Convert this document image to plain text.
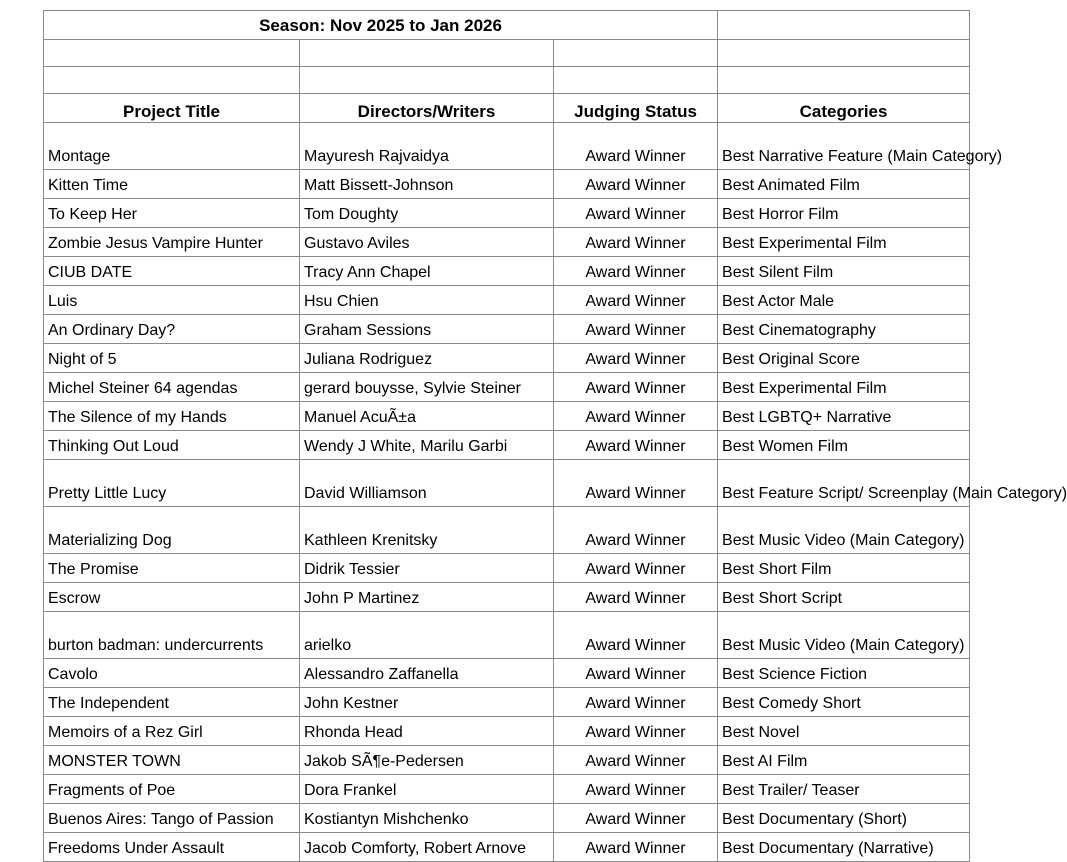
Season: Nov 2025 to Jan 2026			

Project Title	Directors/Writers	Judging Status	Categories
Montage	Mayuresh Rajvaidya	Award Winner	Best Narrative Feature (Main Category)
Kitten Time	Matt Bissett-Johnson	Award Winner	Best Animated Film
To Keep Her	Tom Doughty	Award Winner	Best Horror Film
Zombie Jesus Vampire Hunter	Gustavo Aviles	Award Winner	Best Experimental Film
CIUB DATE	Tracy Ann Chapel	Award Winner	Best Silent Film
Luis	Hsu Chien	Award Winner	Best Actor Male
An Ordinary Day?	Graham Sessions	Award Winner	Best Cinematography
Night of 5	Juliana Rodriguez	Award Winner	Best Original Score
Michel Steiner 64 agendas	gerard bouysse, Sylvie Steiner	Award Winner	Best Experimental Film
The Silence of my Hands	Manuel AcuÃ±a	Award Winner	Best LGBTQ+ Narrative
Thinking Out Loud	Wendy J White, Marilu Garbi	Award Winner	Best Women Film
Pretty Little Lucy	David Williamson	Award Winner	Best Feature Script/ Screenplay (Main Category)
Materializing Dog	Kathleen Krenitsky	Award Winner	Best Music Video (Main Category)
The Promise	Didrik Tessier	Award Winner	Best Short Film
Escrow	John P Martinez	Award Winner	Best Short Script
burton badman: undercurrents	arielko	Award Winner	Best Music Video (Main Category)
Cavolo	Alessandro Zaffanella	Award Winner	Best Science Fiction
The Independent	John Kestner	Award Winner	Best Comedy Short
Memoirs of a Rez Girl	Rhonda Head	Award Winner	Best Novel
MONSTER TOWN	Jakob SÃ¶e-Pedersen	Award Winner	Best AI Film
Fragments of Poe	Dora Frankel	Award Winner	Best Trailer/ Teaser
Buenos Aires: Tango of Passion	Kostiantyn Mishchenko	Award Winner	Best Documentary (Short)
Freedoms Under Assault	Jacob Comforty, Robert Arnove	Award Winner	Best Documentary (Narrative)
